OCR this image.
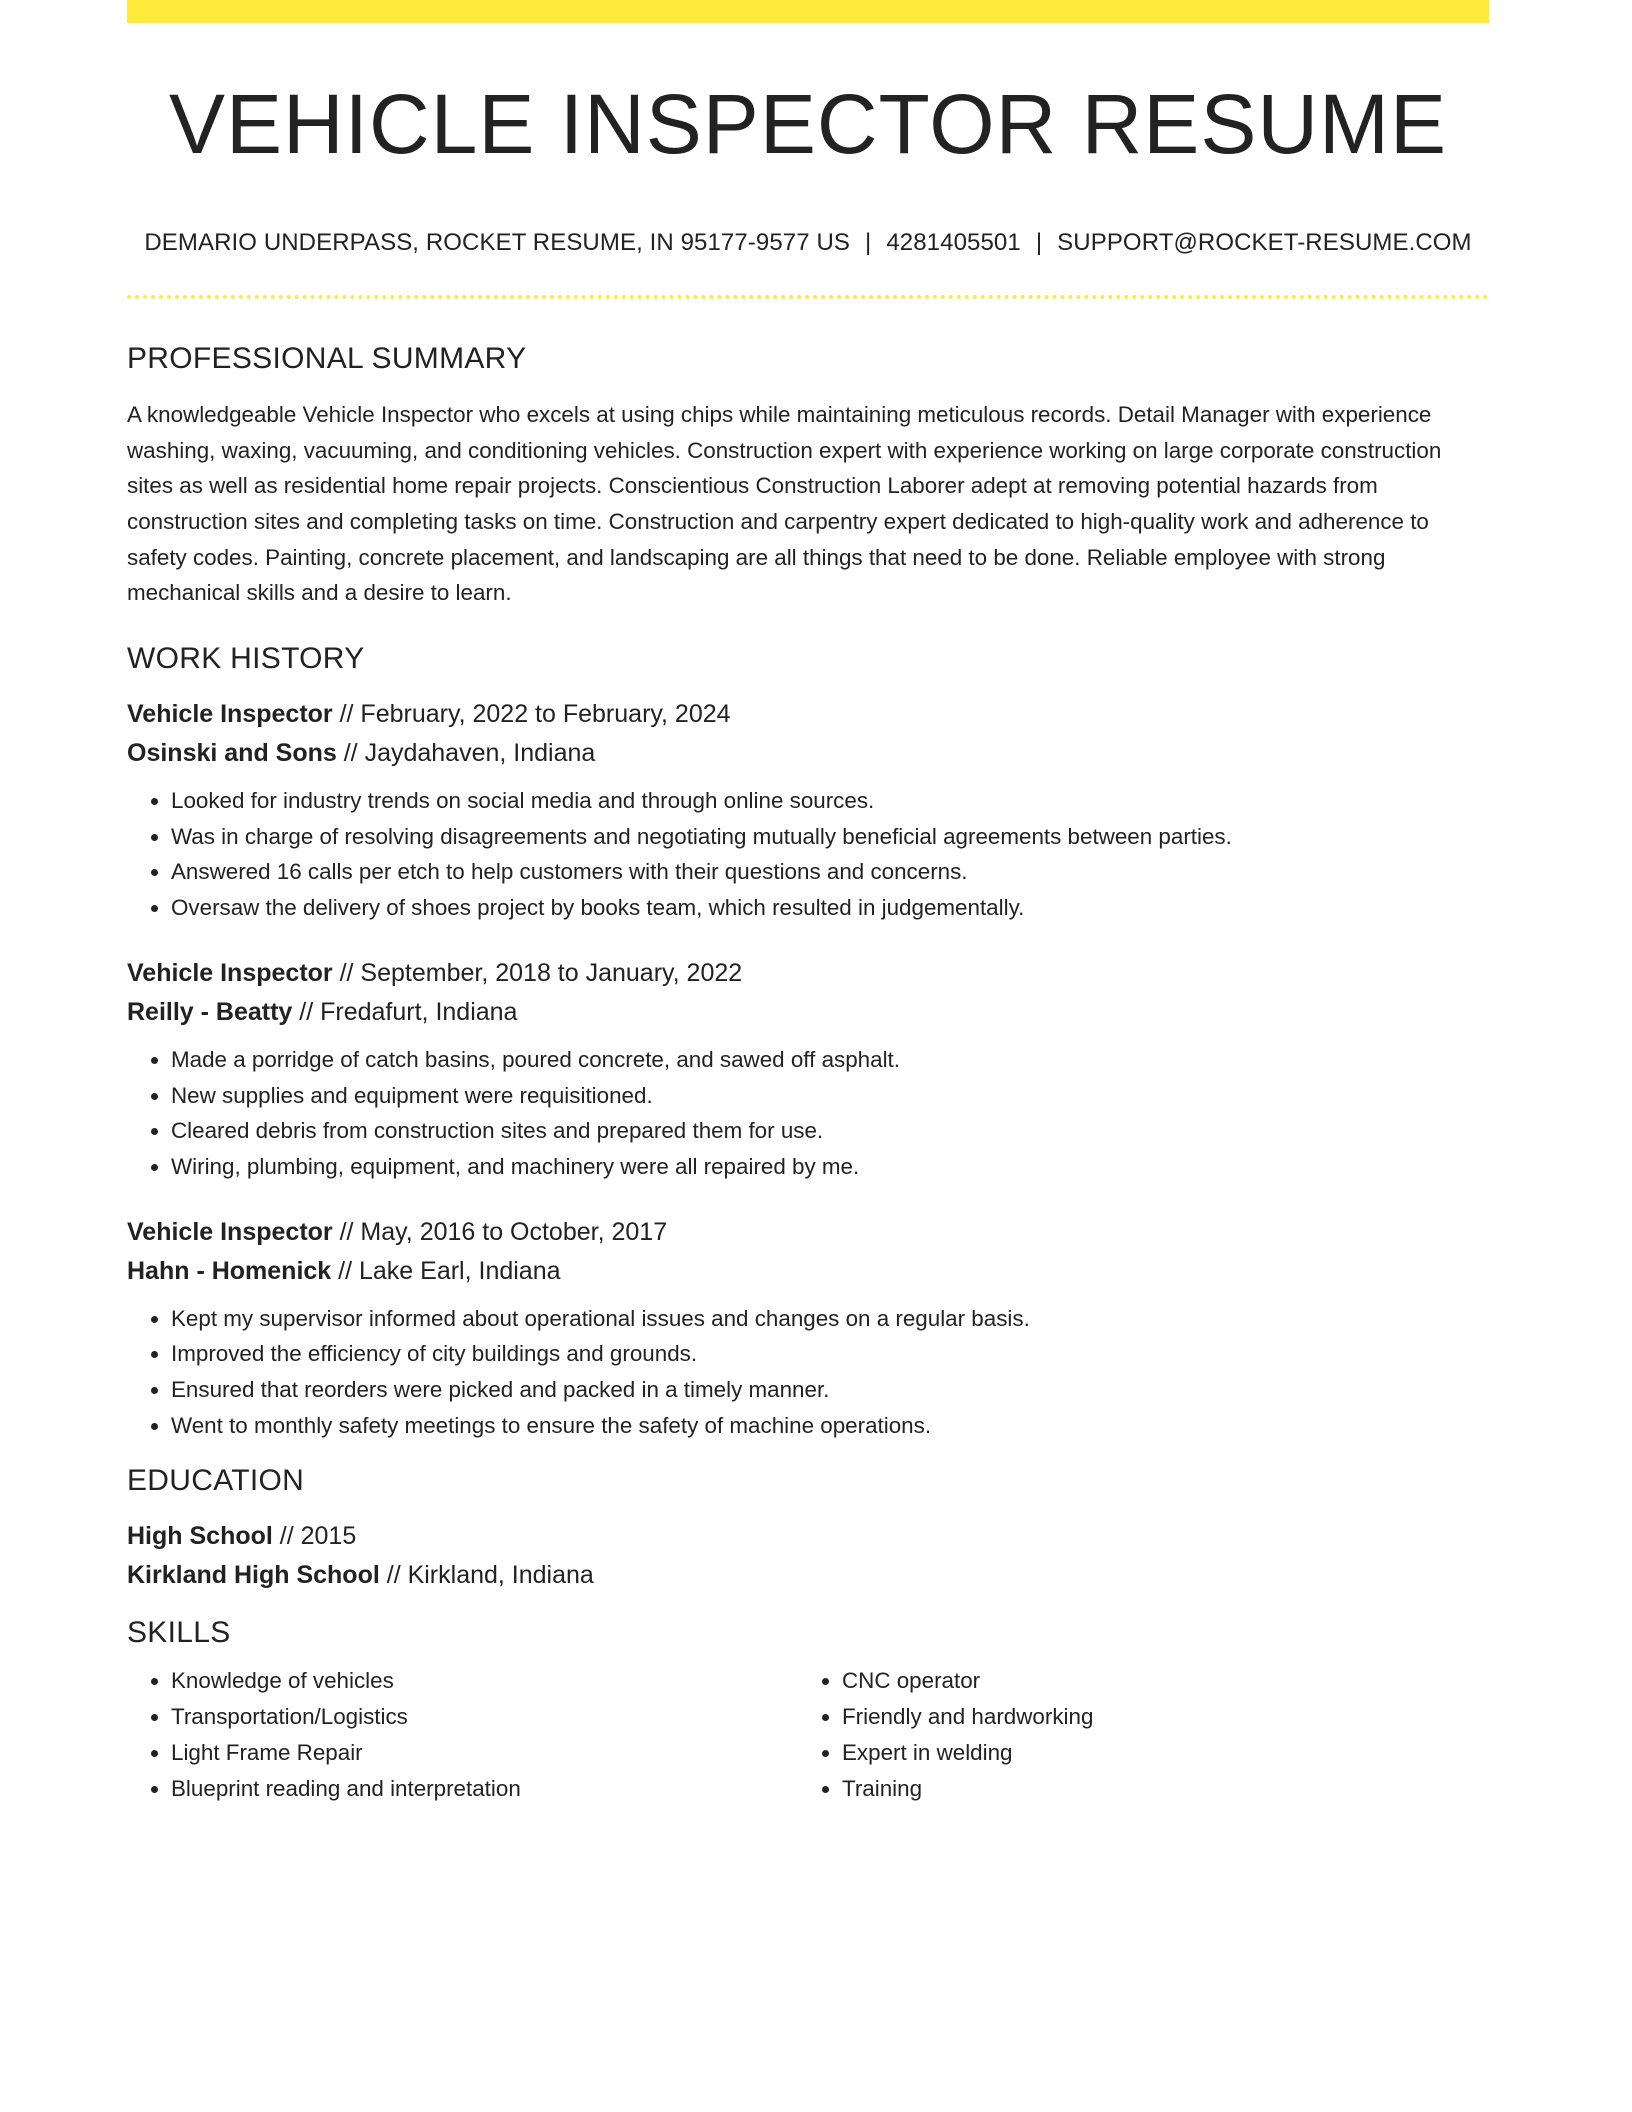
VEHICLE INSPECTOR RESUME
DEMARIO UNDERPASS, ROCKET RESUME, IN 95177-9577 US | 4281405501 | SUPPORT@ROCKET-RESUME.COM
PROFESSIONAL SUMMARY

A knowledgeable Vehicle Inspector who excels at using chips while maintaining meticulous records. Detail Manager with experience washing, waxing, vacuuming, and conditioning vehicles. Construction expert with experience working on large corporate construction sites as well as residential home repair projects. Conscientious Construction Laborer adept at removing potential hazards from construction sites and completing tasks on time. Construction and carpentry expert dedicated to high-quality work and adherence to safety codes. Painting, concrete placement, and landscaping are all things that need to be done. Reliable employee with strong mechanical skills and a desire to learn.

WORK HISTORY
Vehicle Inspector // February, 2022 to February, 2024
Osinski and Sons // Jaydahaven, Indiana
• Looked for industry trends on social media and through online sources.
• Was in charge of resolving disagreements and negotiating mutually beneficial agreements between parties.
• Answered 16 calls per etch to help customers with their questions and concerns.
• Oversaw the delivery of shoes project by books team, which resulted in judgementally.
Vehicle Inspector // September, 2018 to January, 2022
Reilly - Beatty // Fredafurt, Indiana
• Made a porridge of catch basins, poured concrete, and sawed off asphalt.
• New supplies and equipment were requisitioned.
• Cleared debris from construction sites and prepared them for use.
• Wiring, plumbing, equipment, and machinery were all repaired by me.
Vehicle Inspector // May, 2016 to October, 2017
Hahn - Homenick // Lake Earl, Indiana
• Kept my supervisor informed about operational issues and changes on a regular basis.
• Improved the efficiency of city buildings and grounds.
• Ensured that reorders were picked and packed in a timely manner.
• Went to monthly safety meetings to ensure the safety of machine operations.
EDUCATION
High School // 2015
Kirkland High School // Kirkland, Indiana
SKILLS
• Knowledge of vehicles
• Transportation/Logistics
• Light Frame Repair
• Blueprint reading and interpretation
• CNC operator
• Friendly and hardworking
• Expert in welding
• Training
